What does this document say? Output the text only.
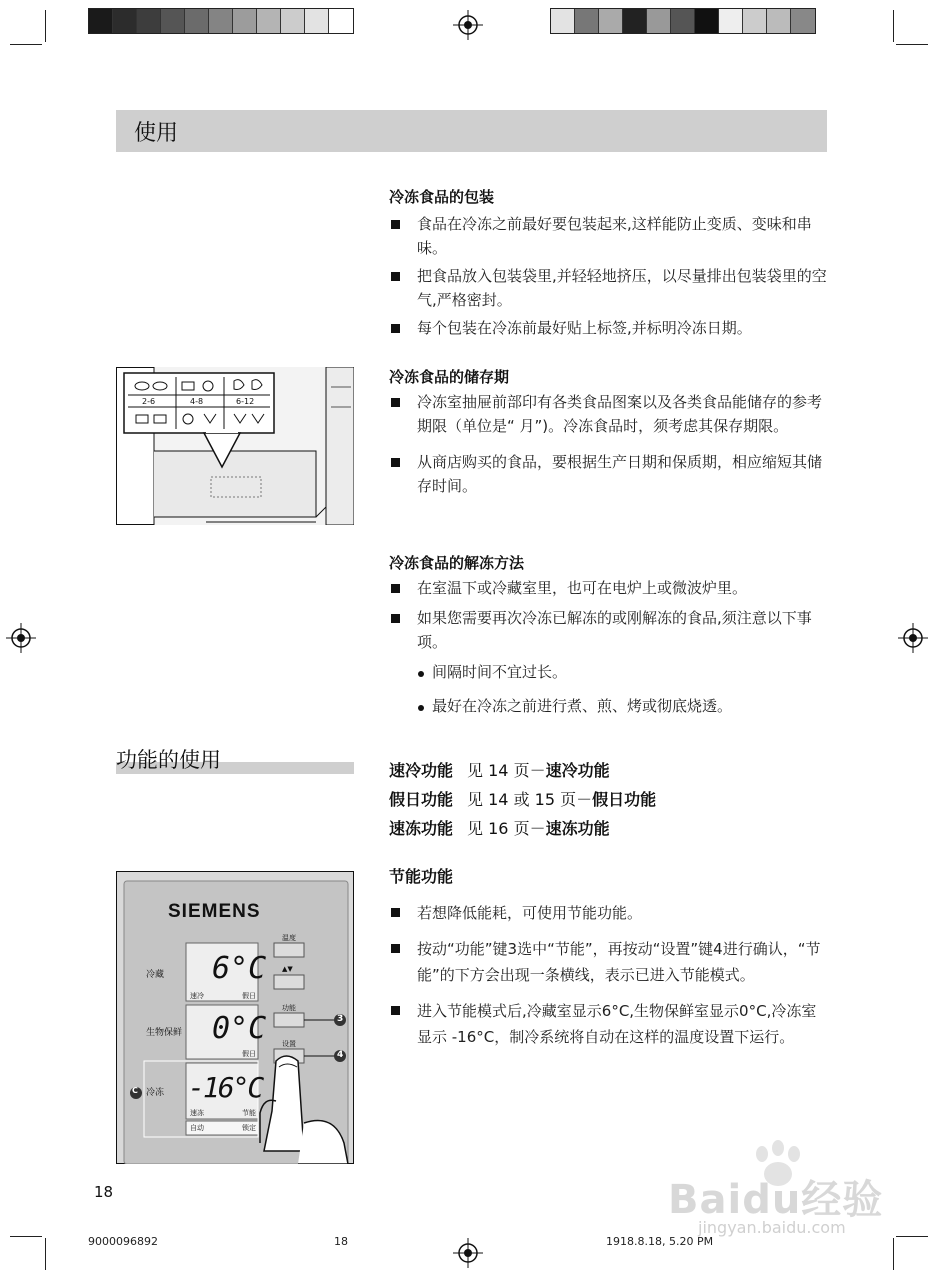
使用
冷冻食品的包装
食品在冷冻之前最好要包装起来,这样能防止变质、变味和串味。
把食品放入包装袋里,并轻轻地挤压，以尽量排出包装袋里的空气,严格密封。
每个包装在冷冻前最好贴上标签,并标明冷冻日期。
冷冻食品的储存期
冷冻室抽屉前部印有各类食品图案以及各类食品能储存的参考期限（单位是“ 月”)。冷冻食品时，须考虑其保存期限。
从商店购买的食品，要根据生产日期和保质期，相应缩短其储存时间。
2-6	4-8	6-12
冷冻食品的解冻方法
在室温下或冷藏室里，也可在电炉上或微波炉里。
如果您需要再次冷冻已解冻的或刚解冻的食品,须注意以下事项。
间隔时间不宜过长。
最好在冷冻之前进行煮、煎、烤或彻底烧透。
功能的使用	速冷功能 见 14 页－速冷功能
假日功能 见 14 或 15 页－假日功能
速冻功能 见 16 页－速冻功能
节能功能
若想降低能耗，可使用节能功能。
按动“功能”键3选中“节能”，再按动“设置”键4进行确认，“节能”的下方会出现一条横线，表示已进入节能模式。
进入节能模式后,冷藏室显示6°C,生物保鲜室显示0°C,冷冻室显示 -16°C，制冷系统将自动在这样的温度设置下运行。
SIEMENS
冷藏
生物保鲜
冷冻
C
6°C
0°C
-16°C
速冷	假日
假日
速冻	节能
自动	锁定
温度
▲▼
功能
设置
3
4
18
9000096892	18	1918.8.18, 5.20 PM
Baidu经验
jingyan.baidu.com
